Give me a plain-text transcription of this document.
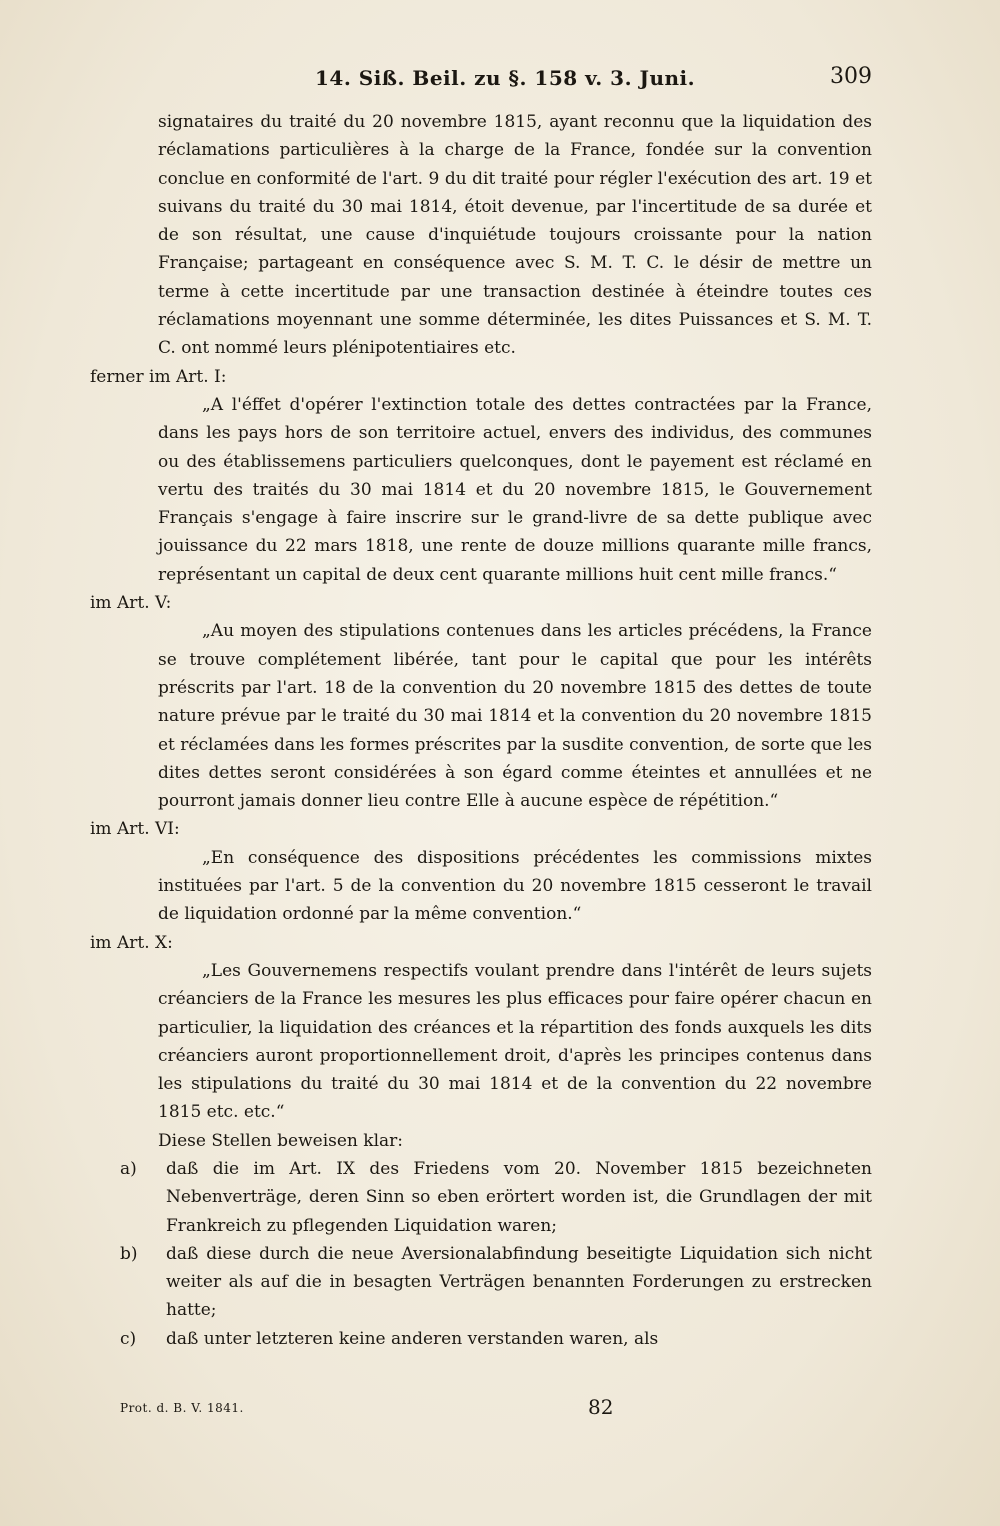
14. Siß. Beil. zu §. 158 v. 3. Juni.	309

signataires du traité du 20 novembre 1815, ayant reconnu que la liquidation des réclamations particulières à la charge de la France, fondée sur la convention conclue en conformité de l'art. 9 du dit traité pour régler l'exécution des art. 19 et suivans du traité du 30 mai 1814, étoit devenue, par l'incertitude de sa durée et de son résultat, une cause d'inquiétude toujours croissante pour la nation Française; partageant en conséquence avec S. M. T. C. le désir de mettre un terme à cette incertitude par une transaction destinée à éteindre toutes ces réclamations moyennant une somme déterminée, les dites Puissances et S. M. T. C. ont nommé leurs plénipotentiaires etc.

ferner im Art. I:

„A l'éffet d'opérer l'extinction totale des dettes contractées par la France, dans les pays hors de son territoire actuel, envers des individus, des communes ou des établissemens particuliers quelconques, dont le payement est réclamé en vertu des traités du 30 mai 1814 et du 20 novembre 1815, le Gouvernement Français s'engage à faire inscrire sur le grand-livre de sa dette publique avec jouissance du 22 mars 1818, une rente de douze millions quarante mille francs, représentant un capital de deux cent quarante millions huit cent mille francs.“

im Art. V:

„Au moyen des stipulations contenues dans les articles précédens, la France se trouve complétement libérée, tant pour le capital que pour les intérêts préscrits par l'art. 18 de la convention du 20 novembre 1815 des dettes de toute nature prévue par le traité du 30 mai 1814 et la convention du 20 novembre 1815 et réclamées dans les formes préscrites par la susdite convention, de sorte que les dites dettes seront considérées à son égard comme éteintes et annullées et ne pourront jamais donner lieu contre Elle à aucune espèce de répétition.“

im Art. VI:

„En conséquence des dispositions précédentes les commissions mixtes instituées par l'art. 5 de la convention du 20 novembre 1815 cesseront le travail de liquidation ordonné par la même convention.“

im Art. X:

„Les Gouvernemens respectifs voulant prendre dans l'intérêt de leurs sujets créanciers de la France les mesures les plus efficaces pour faire opérer chacun en particulier, la liquidation des créances et la répartition des fonds auxquels les dits créanciers auront proportionnellement droit, d'après les principes contenus dans les stipulations du traité du 30 mai 1814 et de la convention du 22 novembre 1815 etc. etc.“

Diese Stellen beweisen klar:

a)	daß die im Art. IX des Friedens vom 20. November 1815 bezeichneten Nebenverträge, deren Sinn so eben erörtert worden ist, die Grundlagen der mit Frankreich zu pflegenden Liquidation waren;
b)	daß diese durch die neue Aversionalabfindung beseitigte Liquidation sich nicht weiter als auf die in besagten Verträgen benannten Forderungen zu erstrecken hatte;
c)	daß unter letzteren keine anderen verstanden waren, als
Prot. d. B. V. 1841.	82
